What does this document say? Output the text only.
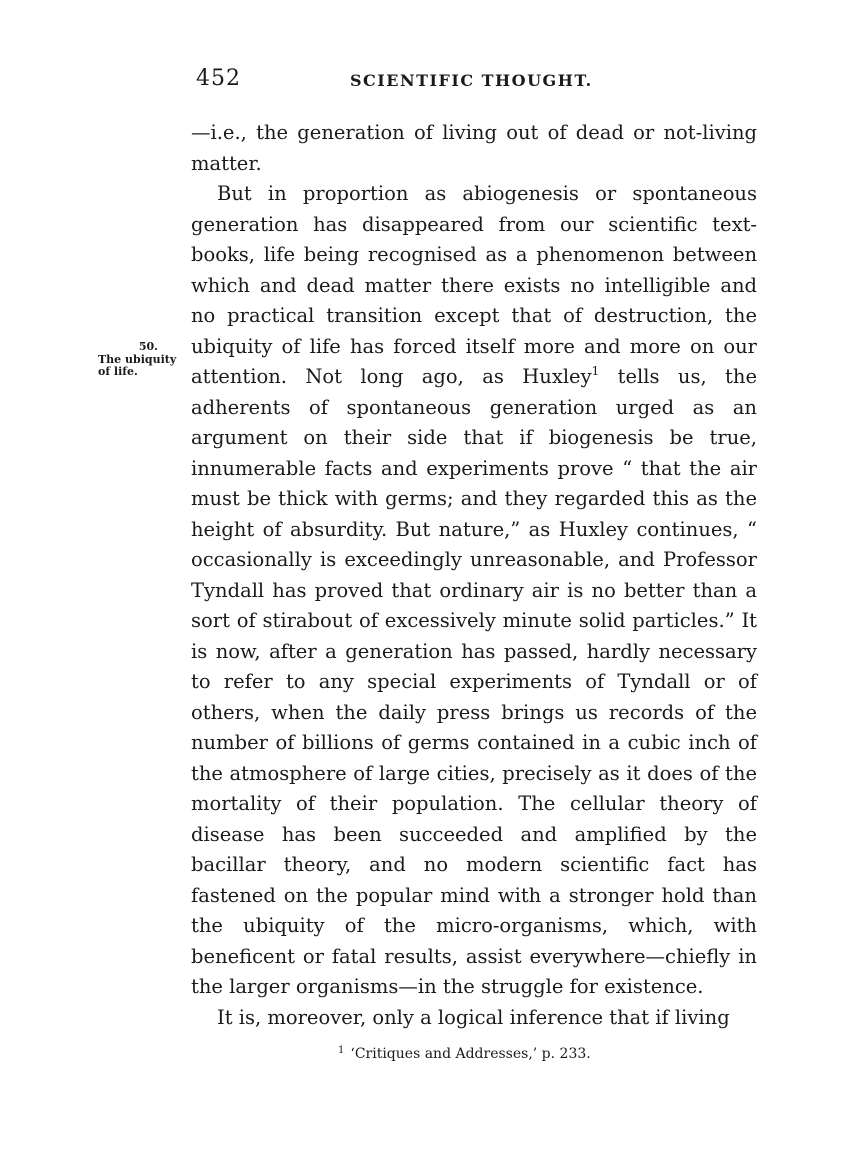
452	SCIENTIFIC THOUGHT.
50.
The ubiquity
of life.

—i.e., the generation of living out of dead or not-living matter.

But in proportion as abiogenesis or spontaneous generation has disappeared from our scientific text-books, life being recognised as a phenomenon between which and dead matter there exists no intelligible and no practical transition except that of destruction, the ubiquity of life has forced itself more and more on our attention. Not long ago, as Huxley$^1$ tells us, the adherents of spontaneous generation urged as an argument on their side that if biogenesis be true, innumerable facts and experiments prove “ that the air must be thick with germs; and they regarded this as the height of absurdity. But nature,” as Huxley continues, “ occasionally is exceedingly unreasonable, and Professor Tyndall has proved that ordinary air is no better than a sort of stirabout of excessively minute solid particles.” It is now, after a generation has passed, hardly necessary to refer to any special experiments of Tyndall or of others, when the daily press brings us records of the number of billions of germs contained in a cubic inch of the atmosphere of large cities, precisely as it does of the mortality of their population. The cellular theory of disease has been succeeded and amplified by the bacillar theory, and no modern scientific fact has fastened on the popular mind with a stronger hold than the ubiquity of the micro-organisms, which, with beneficent or fatal results, assist everywhere—chiefly in the larger organisms—in the struggle for existence.

It is, moreover, only a logical inference that if living

$^1$ ‘Critiques and Addresses,’ p. 233.
